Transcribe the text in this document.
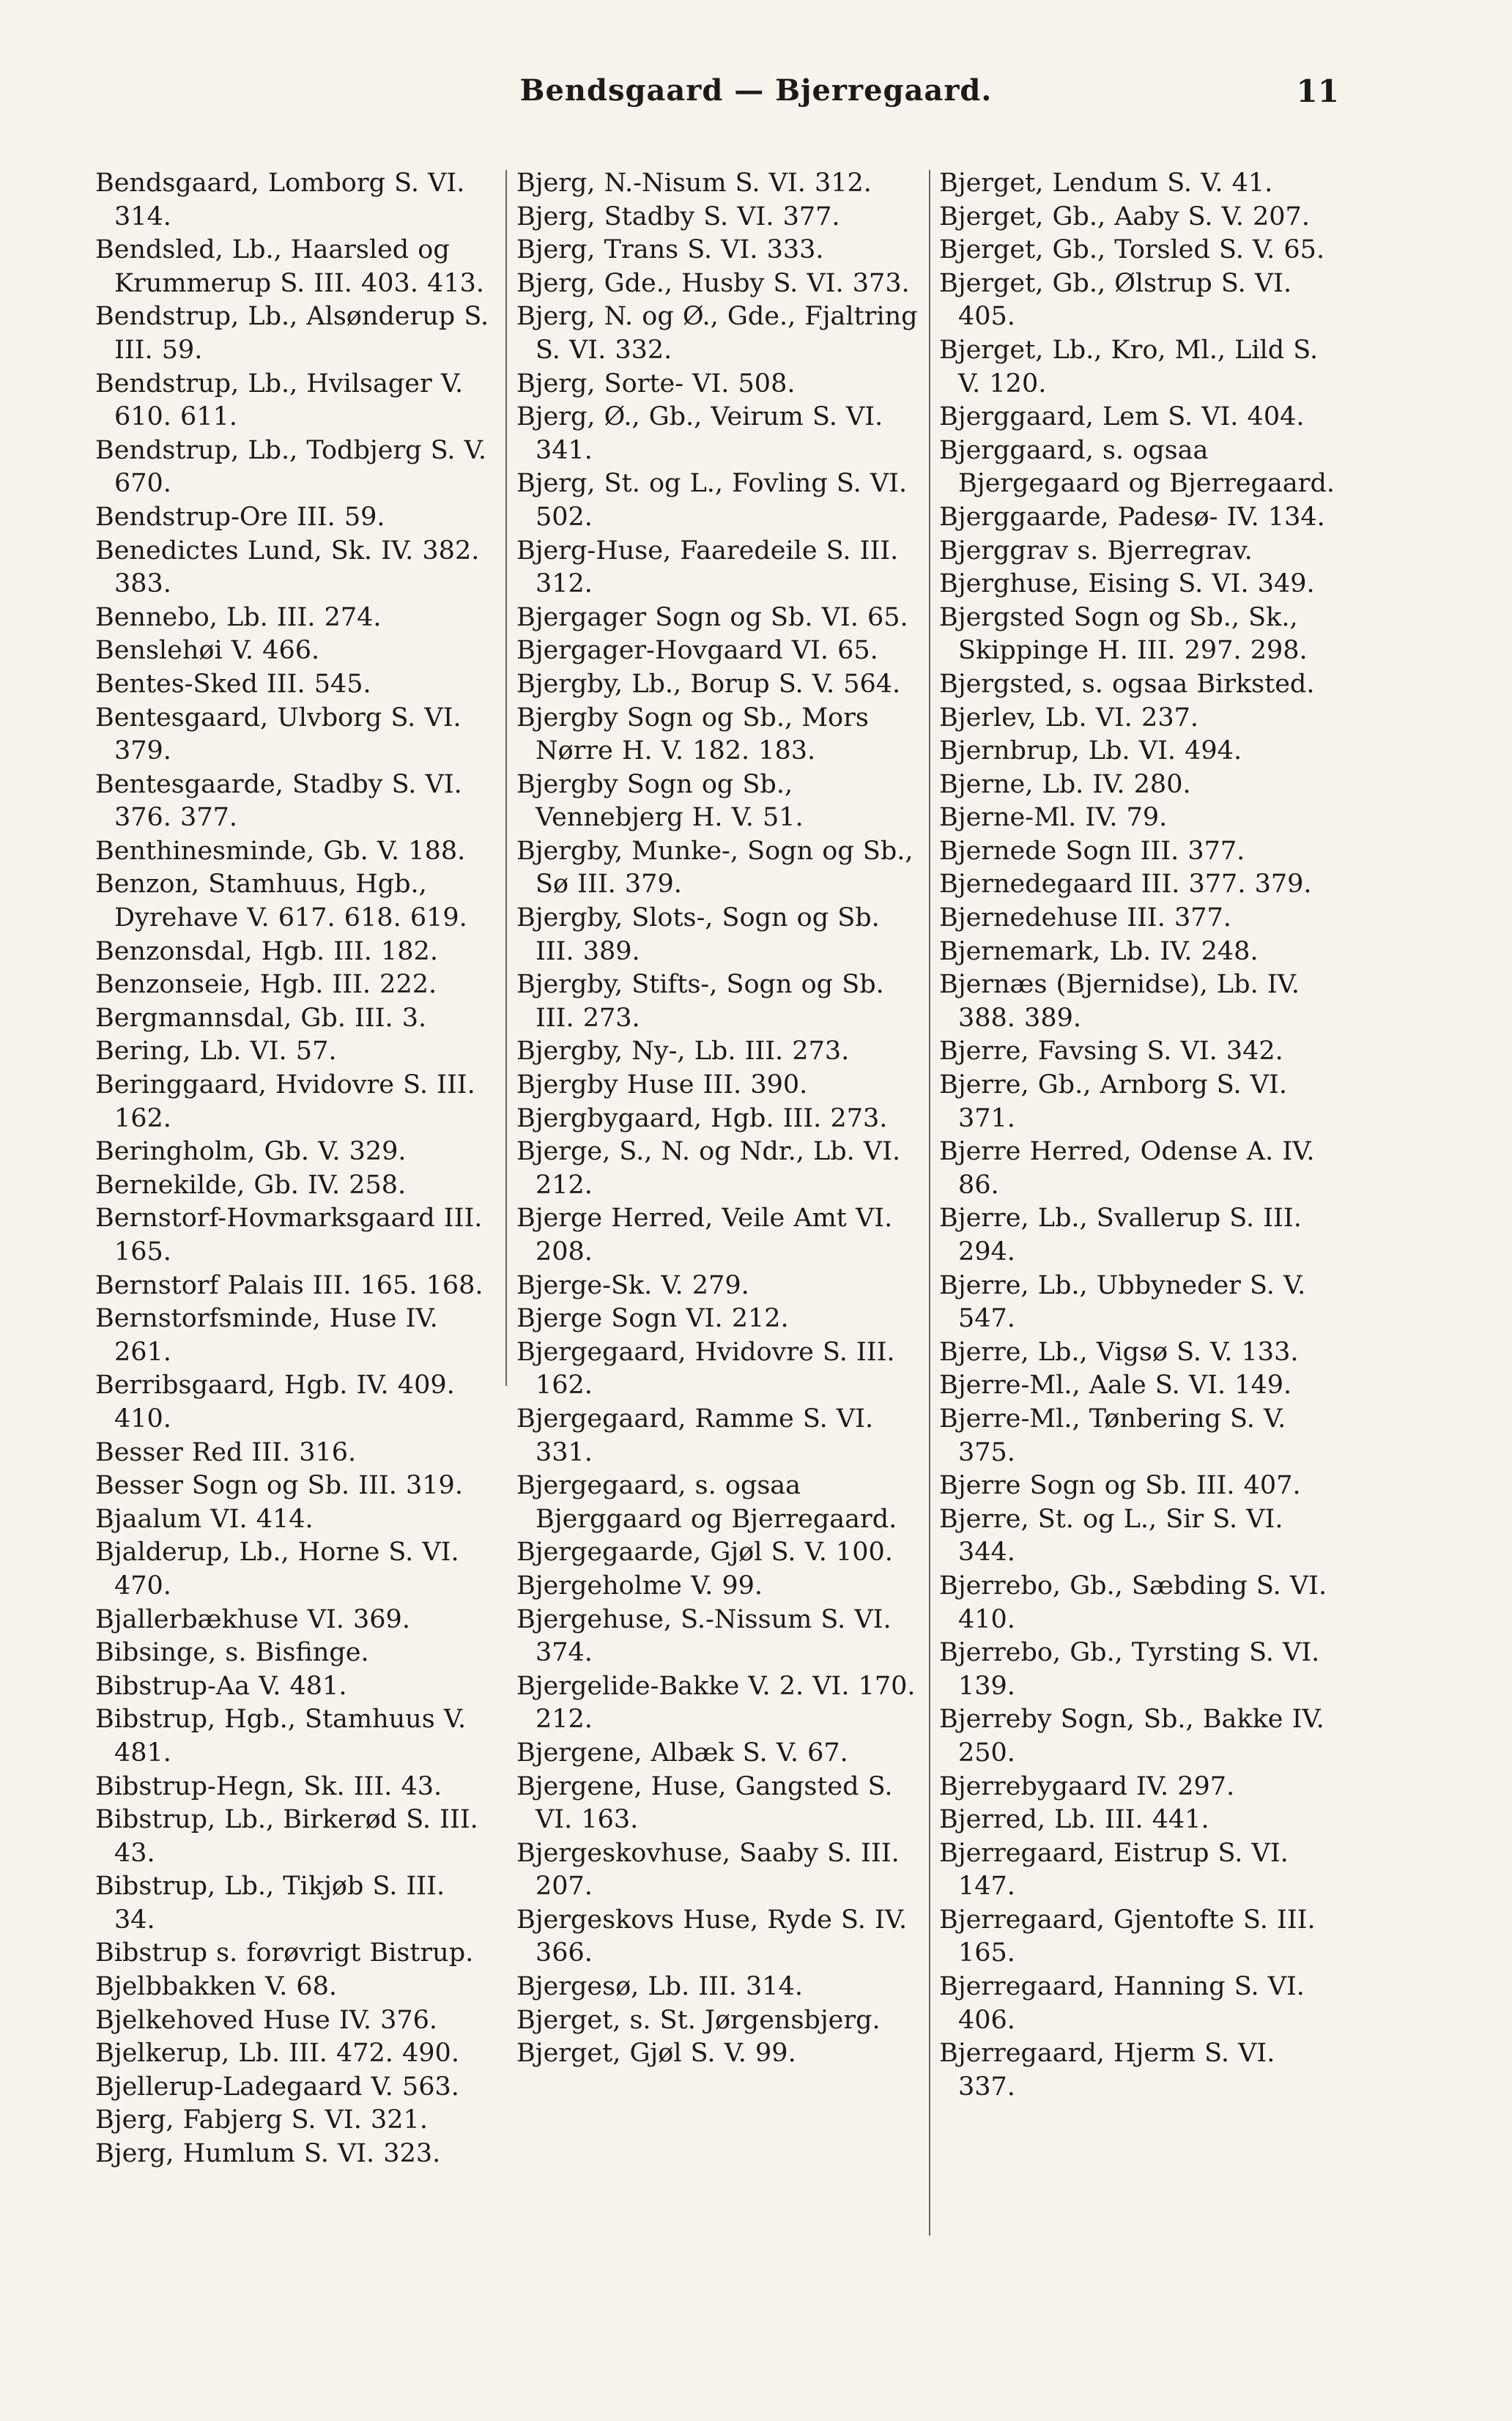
Bendsgaard — Bjerregaard.	11
Bendsgaard, Lomborg S. VI. 314.
Bendsled, Lb., Haarsled og Krummerup S. III. 403. 413.
Bendstrup, Lb., Alsønderup S. III. 59.
Bendstrup, Lb., Hvilsager V. 610. 611.
Bendstrup, Lb., Todbjerg S. V. 670.
Bendstrup-Ore III. 59.
Benedictes Lund, Sk. IV. 382. 383.
Bennebo, Lb. III. 274.
Benslehøi V. 466.
Bentes-Sked III. 545.
Bentesgaard, Ulvborg S. VI. 379.
Bentesgaarde, Stadby S. VI. 376. 377.
Benthinesminde, Gb. V. 188.
Benzon, Stamhuus, Hgb., Dyrehave V. 617. 618. 619.
Benzonsdal, Hgb. III. 182.
Benzonseie, Hgb. III. 222.
Bergmannsdal, Gb. III. 3.
Bering, Lb. VI. 57.
Beringgaard, Hvidovre S. III. 162.
Beringholm, Gb. V. 329.
Bernekilde, Gb. IV. 258.
Bernstorf-Hovmarksgaard III. 165.
Bernstorf Palais III. 165. 168.
Bernstorfsminde, Huse IV. 261.
Berribsgaard, Hgb. IV. 409. 410.
Besser Red III. 316.
Besser Sogn og Sb. III. 319.
Bjaalum VI. 414.
Bjalderup, Lb., Horne S. VI. 470.
Bjallerbækhuse VI. 369.
Bibsinge, s. Bisfinge.
Bibstrup-Aa V. 481.
Bibstrup, Hgb., Stamhuus V. 481.
Bibstrup-Hegn, Sk. III. 43.
Bibstrup, Lb., Birkerød S. III. 43.
Bibstrup, Lb., Tikjøb S. III. 34.
Bibstrup s. forøvrigt Bistrup.
Bjelbbakken V. 68.
Bjelkehoved Huse IV. 376.
Bjelkerup, Lb. III. 472. 490.
Bjellerup-Ladegaard V. 563.
Bjerg, Fabjerg S. VI. 321.
Bjerg, Humlum S. VI. 323.
Bjerg, N.-Nisum S. VI. 312.
Bjerg, Stadby S. VI. 377.
Bjerg, Trans S. VI. 333.
Bjerg, Gde., Husby S. VI. 373.
Bjerg, N. og Ø., Gde., Fjaltring S. VI. 332.
Bjerg, Sorte- VI. 508.
Bjerg, Ø., Gb., Veirum S. VI. 341.
Bjerg, St. og L., Fovling S. VI. 502.
Bjerg-Huse, Faaredeile S. III. 312.
Bjergager Sogn og Sb. VI. 65.
Bjergager-Hovgaard VI. 65.
Bjergby, Lb., Borup S. V. 564.
Bjergby Sogn og Sb., Mors Nørre H. V. 182. 183.
Bjergby Sogn og Sb., Vennebjerg H. V. 51.
Bjergby, Munke-, Sogn og Sb., Sø III. 379.
Bjergby, Slots-, Sogn og Sb. III. 389.
Bjergby, Stifts-, Sogn og Sb. III. 273.
Bjergby, Ny-, Lb. III. 273.
Bjergby Huse III. 390.
Bjergbygaard, Hgb. III. 273.
Bjerge, S., N. og Ndr., Lb. VI. 212.
Bjerge Herred, Veile Amt VI. 208.
Bjerge-Sk. V. 279.
Bjerge Sogn VI. 212.
Bjergegaard, Hvidovre S. III. 162.
Bjergegaard, Ramme S. VI. 331.
Bjergegaard, s. ogsaa Bjerggaard og Bjerregaard.
Bjergegaarde, Gjøl S. V. 100.
Bjergeholme V. 99.
Bjergehuse, S.-Nissum S. VI. 374.
Bjergelide-Bakke V. 2. VI. 170. 212.
Bjergene, Albæk S. V. 67.
Bjergene, Huse, Gangsted S. VI. 163.
Bjergeskovhuse, Saaby S. III. 207.
Bjergeskovs Huse, Ryde S. IV. 366.
Bjergesø, Lb. III. 314.
Bjerget, s. St. Jørgensbjerg.
Bjerget, Gjøl S. V. 99.
Bjerget, Lendum S. V. 41.
Bjerget, Gb., Aaby S. V. 207.
Bjerget, Gb., Torsled S. V. 65.
Bjerget, Gb., Ølstrup S. VI. 405.
Bjerget, Lb., Kro, Ml., Lild S. V. 120.
Bjerggaard, Lem S. VI. 404.
Bjerggaard, s. ogsaa Bjergegaard og Bjerregaard.
Bjerggaarde, Padesø- IV. 134.
Bjerggrav s. Bjerregrav.
Bjerghuse, Eising S. VI. 349.
Bjergsted Sogn og Sb., Sk., Skippinge H. III. 297. 298.
Bjergsted, s. ogsaa Birksted.
Bjerlev, Lb. VI. 237.
Bjernbrup, Lb. VI. 494.
Bjerne, Lb. IV. 280.
Bjerne-Ml. IV. 79.
Bjernede Sogn III. 377.
Bjernedegaard III. 377. 379.
Bjernedehuse III. 377.
Bjernemark, Lb. IV. 248.
Bjernæs (Bjernidse), Lb. IV. 388. 389.
Bjerre, Favsing S. VI. 342.
Bjerre, Gb., Arnborg S. VI. 371.
Bjerre Herred, Odense A. IV. 86.
Bjerre, Lb., Svallerup S. III. 294.
Bjerre, Lb., Ubbyneder S. V. 547.
Bjerre, Lb., Vigsø S. V. 133.
Bjerre-Ml., Aale S. VI. 149.
Bjerre-Ml., Tønbering S. V. 375.
Bjerre Sogn og Sb. III. 407.
Bjerre, St. og L., Sir S. VI. 344.
Bjerrebo, Gb., Sæbding S. VI. 410.
Bjerrebo, Gb., Tyrsting S. VI. 139.
Bjerreby Sogn, Sb., Bakke IV. 250.
Bjerrebygaard IV. 297.
Bjerred, Lb. III. 441.
Bjerregaard, Eistrup S. VI. 147.
Bjerregaard, Gjentofte S. III. 165.
Bjerregaard, Hanning S. VI. 406.
Bjerregaard, Hjerm S. VI. 337.
